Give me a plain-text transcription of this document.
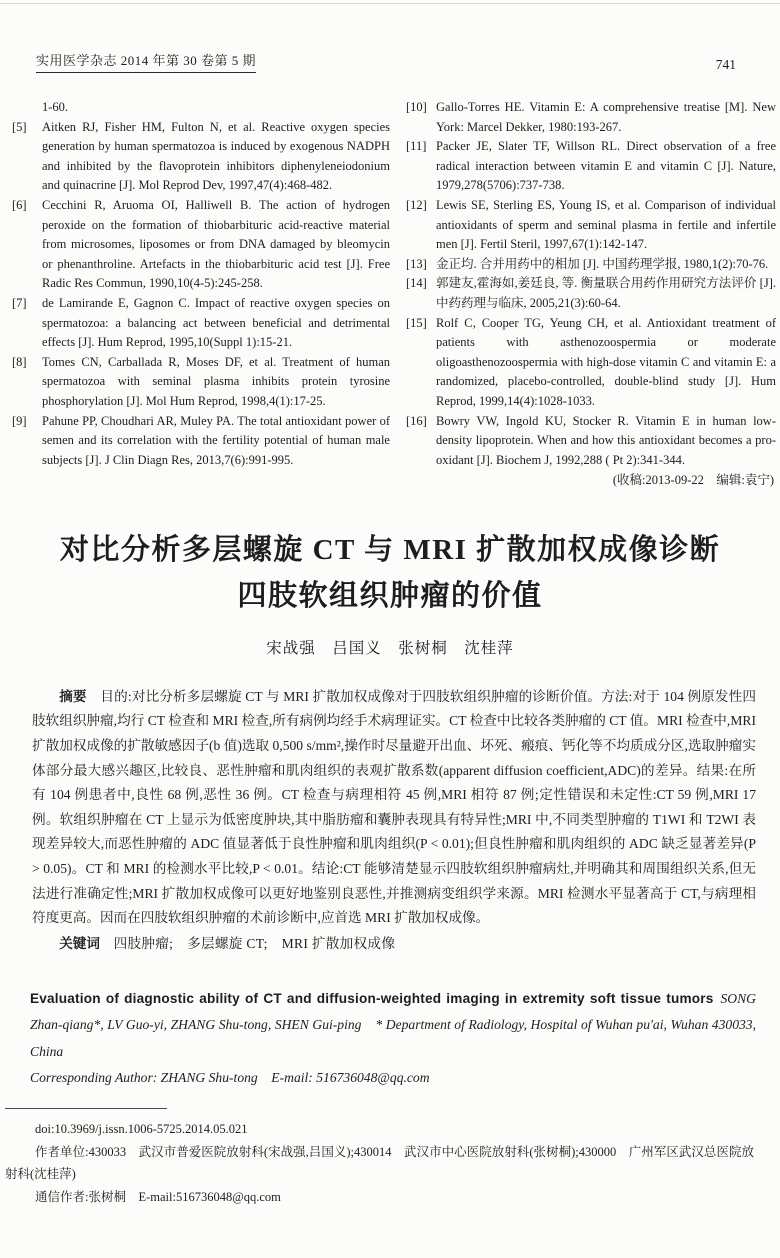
实用医学杂志 2014 年第 30 卷第 5 期	741
1-60.
[5]	Aitken RJ, Fisher HM, Fulton N, et al. Reactive oxygen species generation by human spermatozoa is induced by exogenous NADPH and inhibited by the flavoprotein inhibitors diphenyleneiodonium and quinacrine [J]. Mol Reprod Dev, 1997,47(4):468-482.
[6]	Cecchini R, Aruoma OI, Halliwell B. The action of hydrogen peroxide on the formation of thiobarbituric acid-reactive material from microsomes, liposomes or from DNA damaged by bleomycin or phenanthroline. Artefacts in the thiobarbituric acid test [J]. Free Radic Res Commun, 1990,10(4-5):245-258.
[7]	de Lamirande E, Gagnon C. Impact of reactive oxygen species on spermatozoa: a balancing act between beneficial and detrimental effects [J]. Hum Reprod, 1995,10(Suppl 1):15-21.
[8]	Tomes CN, Carballada R, Moses DF, et al. Treatment of human spermatozoa with seminal plasma inhibits protein tyrosine phosphorylation [J]. Mol Hum Reprod, 1998,4(1):17-25.
[9]	Pahune PP, Choudhari AR, Muley PA. The total antioxidant power of semen and its correlation with the fertility potential of human male subjects [J]. J Clin Diagn Res, 2013,7(6):991-995.
[10] Gallo-Torres HE. Vitamin E: A comprehensive treatise [M]. New York: Marcel Dekker, 1980:193-267.
[11] Packer JE, Slater TF, Willson RL. Direct observation of a free radical interaction between vitamin E and vitamin C [J]. Nature, 1979,278(5706):737-738.
[12] Lewis SE, Sterling ES, Young IS, et al. Comparison of individual antioxidants of sperm and seminal plasma in fertile and infertile men [J]. Fertil Steril, 1997,67(1):142-147.
[13] 金正均. 合并用药中的相加 [J]. 中国药理学报, 1980,1(2):70-76.
[14] 郭建友,霍海如,姜廷良, 等. 衡量联合用药作用研究方法评价 [J]. 中药药理与临床, 2005,21(3):60-64.
[15] Rolf C, Cooper TG, Yeung CH, et al. Antioxidant treatment of patients with asthenozoospermia or moderate oligoasthenozoospermia with high-dose vitamin C and vitamin E: a randomized, placebo-controlled, double-blind study [J]. Hum Reprod, 1999,14(4):1028-1033.
[16] Bowry VW, Ingold KU, Stocker R. Vitamin E in human low-density lipoprotein. When and how this antioxidant becomes a pro-oxidant [J]. Biochem J, 1992,288 ( Pt 2):341-344.
(收稿:2013-09-22　编辑:袁宁)
对比分析多层螺旋 CT 与 MRI 扩散加权成像诊断
四肢软组织肿瘤的价值
宋战强　吕国义　张树桐　沈桂萍

摘要　 目的:对比分析多层螺旋 CT 与 MRI 扩散加权成像对于四肢软组织肿瘤的诊断价值。方法:对于 104 例原发性四肢软组织肿瘤,均行 CT 检查和 MRI 检查,所有病例均经手术病理证实。CT 检查中比较各类肿瘤的 CT 值。MRI 检查中,MRI 扩散加权成像的扩散敏感因子(b 值)选取 0,500 s/mm²,操作时尽量避开出血、坏死、瘢痕、钙化等不均质成分区,选取肿瘤实体部分最大感兴趣区,比较良、恶性肿瘤和肌肉组织的表观扩散系数(apparent diffusion coefficient,ADC)的差异。结果:在所有 104 例患者中,良性 68 例,恶性 36 例。CT 检查与病理相符 45 例,MRI 相符 87 例;定性错误和未定性:CT 59 例,MRI 17 例。软组织肿瘤在 CT 上显示为低密度肿块,其中脂肪瘤和囊肿表现具有特异性;MRI 中,不同类型肿瘤的 T1WI 和 T2WI 表现差异较大,而恶性肿瘤的 ADC 值显著低于良性肿瘤和肌肉组织(P < 0.01);但良性肿瘤和肌肉组织的 ADC 缺乏显著差异(P > 0.05)。CT 和 MRI 的检测水平比较,P < 0.01。结论:CT 能够清楚显示四肢软组织肿瘤病灶,并明确其和周围组织关系,但无法进行准确定性;MRI 扩散加权成像可以更好地鉴别良恶性,并推测病变组织学来源。MRI 检测水平显著高于 CT,与病理相符度更高。因而在四肢软组织肿瘤的术前诊断中,应首选 MRI 扩散加权成像。

关键词　 四肢肿瘤;　多层螺旋 CT;　MRI 扩散加权成像

Evaluation of diagnostic ability of CT and diffusion-weighted imaging in extremity soft tissue tumors SONG Zhan-qiang*, LV Guo-yi, ZHANG Shu-tong, SHEN Gui-ping　* Department of Radiology, Hospital of Wuhan pu'ai, Wuhan 430033, China

Corresponding Author: ZHANG Shu-tong　E-mail: 516736048@qq.com

doi:10.3969/j.issn.1006-5725.2014.05.021

作者单位:430033　武汉市普爱医院放射科(宋战强,吕国义);430014　武汉市中心医院放射科(张树桐);430000　广州军区武汉总医院放射科(沈桂萍)

通信作者:张树桐　E-mail:516736048@qq.com
